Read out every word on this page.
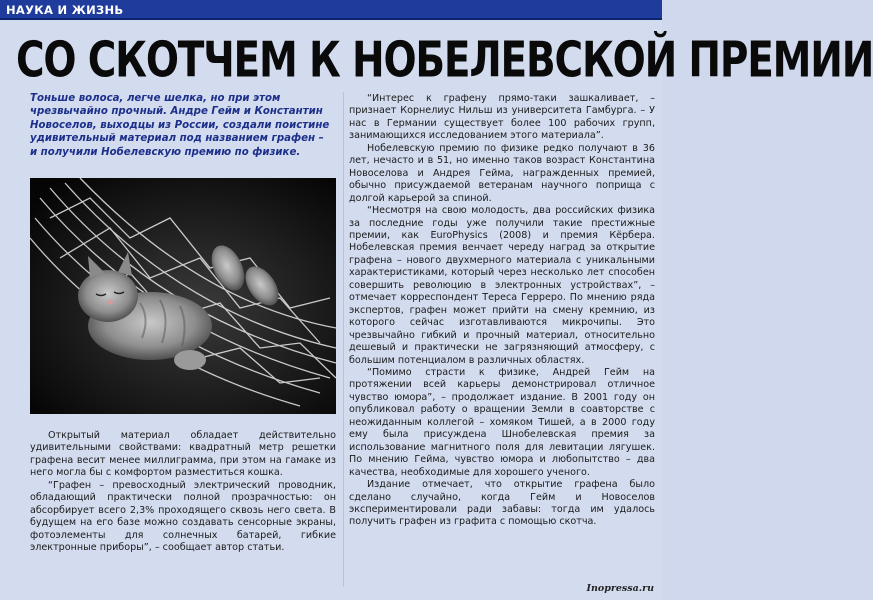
НАУКА И ЖИЗНЬ
СО СКОТЧЕМ К НОБЕЛЕВСКОЙ ПРЕМИИ
Тоньше волоса, легче шелка, но при этом чрезвычайно прочный. Андре Гейм и Константин Новоселов, выходцы из России, создали поистине удивительный материал под названием графен – и получили Нобелевскую премию по физике.

Открытый материал обладает действительно удивительными свойствами: квадратный метр решетки графена весит менее миллиграмма, при этом на гамаке из него могла бы с комфортом разместиться кошка.

“Графен – превосходный электрический проводник, обладающий практически полной прозрачностью: он абсорбирует всего 2,3% проходящего сквозь него света. В будущем на его базе можно создавать сенсорные экраны, фотоэлементы для солнечных батарей, гибкие электронные приборы”, – сообщает автор статьи.

“Интерес к графену прямо-таки зашкаливает, – признает Корнелиус Нильш из университета Гамбурга. – У нас в Германии существует более 100 рабочих групп, занимающихся исследованием этого материала”.

Нобелевскую премию по физике редко получают в 36 лет, нечасто и в 51, но именно таков возраст Константина Новоселова и Андрея Гейма, награжденных премией, обычно присуждаемой ветеранам научного поприща с долгой карьерой за спиной.

“Несмотря на свою молодость, два российских физика за последние годы уже получили такие престижные премии, как EuroPhysics (2008) и премия Кёрбера. Нобелевская премия венчает череду наград за открытие графена – нового двухмерного материала с уникальными характеристиками, который через несколько лет способен совершить революцию в электронных устройствах”, – отмечает корреспондент Тереса Герреро. По мнению ряда экспертов, графен может прийти на смену кремнию, из которого сейчас изготавливаются микрочипы. Это чрезвычайно гибкий и прочный материал, относительно дешевый и практически не загрязняющий атмосферу, с большим потенциалом в различных областях.

“Помимо страсти к физике, Андрей Гейм на протяжении всей карьеры демонстрировал отличное чувство юмора”, – продолжает издание. В 2001 году он опубликовал работу о вращении Земли в соавторстве с неожиданным коллегой – хомяком Тишей, а в 2000 году ему была присуждена Шнобелевская премия за использование магнитного поля для левитации лягушек. По мнению Гейма, чувство юмора и любопытство – два качества, необходимые для хорошего ученого.

Издание отмечает, что открытие графена было сделано случайно, когда Гейм и Новоселов экспериментировали ради забавы: тогда им удалось получить графен из графита с помощью скотча.

Inopressa.ru
